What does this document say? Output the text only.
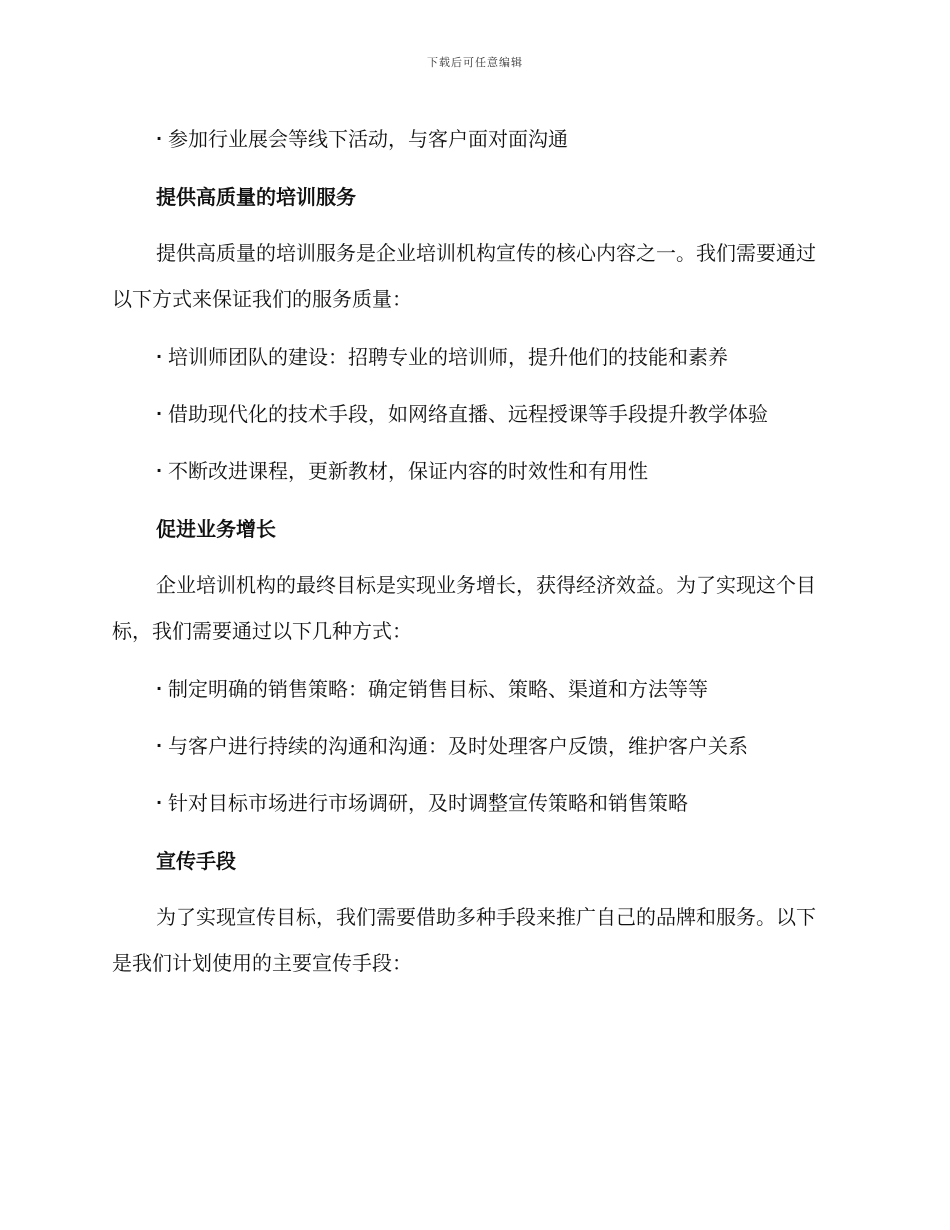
下载后可任意编辑
· 参加行业展会等线下活动，与客户面对面沟通
提供高质量的培训服务

提供高质量的培训服务是企业培训机构宣传的核心内容之一。我们需要通过以下方式来保证我们的服务质量：

· 培训师团队的建设：招聘专业的培训师，提升他们的技能和素养
· 借助现代化的技术手段，如网络直播、远程授课等手段提升教学体验
· 不断改进课程，更新教材，保证内容的时效性和有用性
促进业务增长

企业培训机构的最终目标是实现业务增长，获得经济效益。为了实现这个目标，我们需要通过以下几种方式：

· 制定明确的销售策略：确定销售目标、策略、渠道和方法等等
· 与客户进行持续的沟通和沟通：及时处理客户反馈，维护客户关系
· 针对目标市场进行市场调研，及时调整宣传策略和销售策略
宣传手段

为了实现宣传目标，我们需要借助多种手段来推广自己的品牌和服务。以下是我们计划使用的主要宣传手段：
